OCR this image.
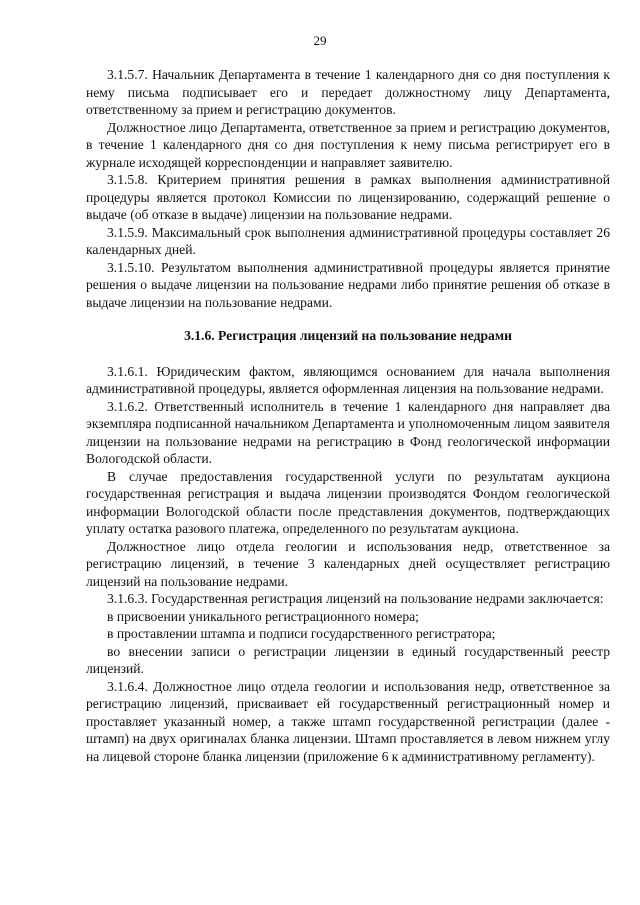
29

3.1.5.7. Начальник Департамента в течение 1 календарного дня со дня поступления к нему письма подписывает его и передает должностному лицу Департамента, ответственному за прием и регистрацию документов.

Должностное лицо Департамента, ответственное за прием и регистрацию документов, в течение 1 календарного дня со дня поступления к нему письма регистрирует его в журнале исходящей корреспонденции и направляет заявителю.

3.1.5.8. Критерием принятия решения в рамках выполнения административной процедуры является протокол Комиссии по лицензированию, содержащий решение о выдаче (об отказе в выдаче) лицензии на пользование недрами.

3.1.5.9. Максимальный срок выполнения административной процедуры составляет 26 календарных дней.

3.1.5.10. Результатом выполнения административной процедуры является принятие решения о выдаче лицензии на пользование недрами либо принятие решения об отказе в выдаче лицензии на пользование недрами.

3.1.6. Регистрация лицензий на пользование недрами

3.1.6.1. Юридическим фактом, являющимся основанием для начала выполнения административной процедуры, является оформленная лицензия на пользование недрами.

3.1.6.2. Ответственный исполнитель в течение 1 календарного дня направляет два экземпляра подписанной начальником Департамента и уполномоченным лицом заявителя лицензии на пользование недрами на регистрацию в Фонд геологической информации Вологодской области.

В случае предоставления государственной услуги по результатам аукциона государственная регистрация и выдача лицензии производятся Фондом геологической информации Вологодской области после представления документов, подтверждающих уплату остатка разового платежа, определенного по результатам аукциона.

Должностное лицо отдела геологии и использования недр, ответственное за регистрацию лицензий, в течение 3 календарных дней осуществляет регистрацию лицензий на пользование недрами.

3.1.6.3. Государственная регистрация лицензий на пользование недрами заключается:

в присвоении уникального регистрационного номера;

в проставлении штампа и подписи государственного регистратора;

во внесении записи о регистрации лицензии в единый государственный реестр лицензий.

3.1.6.4. Должностное лицо отдела геологии и использования недр, ответственное за регистрацию лицензий, присваивает ей государственный регистрационный номер и проставляет указанный номер, а также штамп государственной регистрации (далее - штамп) на двух оригиналах бланка лицензии. Штамп проставляется в левом нижнем углу на лицевой стороне бланка лицензии (приложение 6 к административному регламенту).
